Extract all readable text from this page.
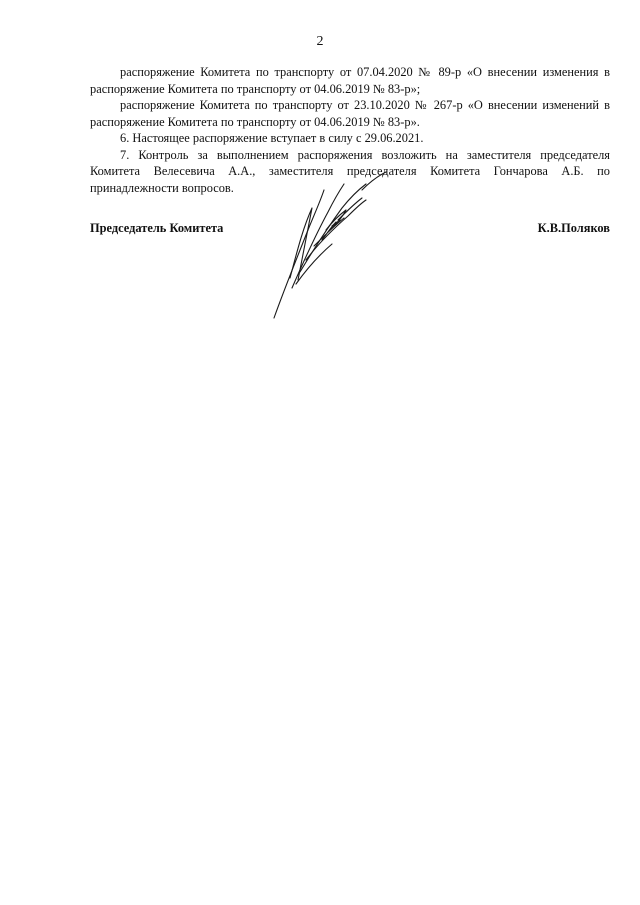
2

распоряжение Комитета по транспорту от 07.04.2020 № 89-р «О внесении изменения в распоряжение Комитета по транспорту от 04.06.2019 № 83-р»;

распоряжение Комитета по транспорту от 23.10.2020 № 267-р «О внесении изменений в распоряжение Комитета по транспорту от 04.06.2019 № 83-р».

6. Настоящее распоряжение вступает в силу с 29.06.2021.

7. Контроль за выполнением распоряжения возложить на заместителя председателя Комитета Велесевича А.А., заместителя председателя Комитета Гончарова А.Б. по принадлежности вопросов.

Председатель Комитета	К.В.Поляков
